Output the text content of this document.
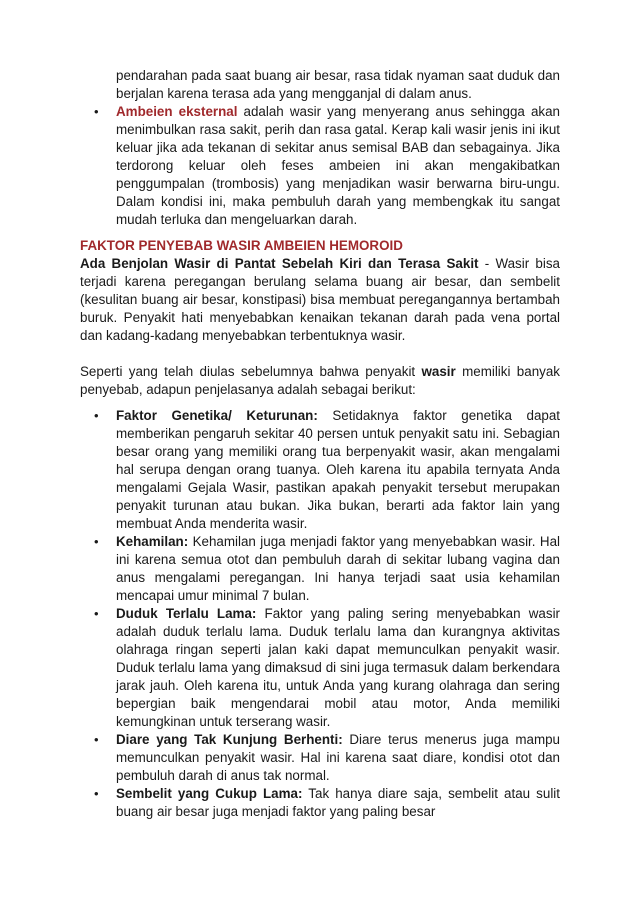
pendarahan pada saat buang air besar, rasa tidak nyaman saat duduk dan berjalan karena terasa ada yang mengganjal di dalam anus.
• Ambeien eksternal adalah wasir yang menyerang anus sehingga akan menimbulkan rasa sakit, perih dan rasa gatal. Kerap kali wasir jenis ini ikut keluar jika ada tekanan di sekitar anus semisal BAB dan sebagainya. Jika terdorong keluar oleh feses ambeien ini akan mengakibatkan penggumpalan (trombosis) yang menjadikan wasir berwarna biru-ungu. Dalam kondisi ini, maka pembuluh darah yang membengkak itu sangat mudah terluka dan mengeluarkan darah.

FAKTOR PENYEBAB WASIR AMBEIEN HEMOROID

Ada Benjolan Wasir di Pantat Sebelah Kiri dan Terasa Sakit - Wasir bisa terjadi karena peregangan berulang selama buang air besar, dan sembelit (kesulitan buang air besar, konstipasi) bisa membuat peregangannya bertambah buruk. Penyakit hati menyebabkan kenaikan tekanan darah pada vena portal dan kadang-kadang menyebabkan terbentuknya wasir.

Seperti yang telah diulas sebelumnya bahwa penyakit wasir memiliki banyak penyebab, adapun penjelasanya adalah sebagai berikut:

• Faktor Genetika/ Keturunan: Setidaknya faktor genetika dapat memberikan pengaruh sekitar 40 persen untuk penyakit satu ini. Sebagian besar orang yang memiliki orang tua berpenyakit wasir, akan mengalami hal serupa dengan orang tuanya. Oleh karena itu apabila ternyata Anda mengalami Gejala Wasir, pastikan apakah penyakit tersebut merupakan penyakit turunan atau bukan. Jika bukan, berarti ada faktor lain yang membuat Anda menderita wasir.
• Kehamilan: Kehamilan juga menjadi faktor yang menyebabkan wasir. Hal ini karena semua otot dan pembuluh darah di sekitar lubang vagina dan anus mengalami peregangan. Ini hanya terjadi saat usia kehamilan mencapai umur minimal 7 bulan.
• Duduk Terlalu Lama: Faktor yang paling sering menyebabkan wasir adalah duduk terlalu lama. Duduk terlalu lama dan kurangnya aktivitas olahraga ringan seperti jalan kaki dapat memunculkan penyakit wasir. Duduk terlalu lama yang dimaksud di sini juga termasuk dalam berkendara jarak jauh. Oleh karena itu, untuk Anda yang kurang olahraga dan sering bepergian baik mengendarai mobil atau motor, Anda memiliki kemungkinan untuk terserang wasir.
• Diare yang Tak Kunjung Berhenti: Diare terus menerus juga mampu memunculkan penyakit wasir. Hal ini karena saat diare, kondisi otot dan pembuluh darah di anus tak normal.
• Sembelit yang Cukup Lama: Tak hanya diare saja, sembelit atau sulit buang air besar juga menjadi faktor yang paling besar
